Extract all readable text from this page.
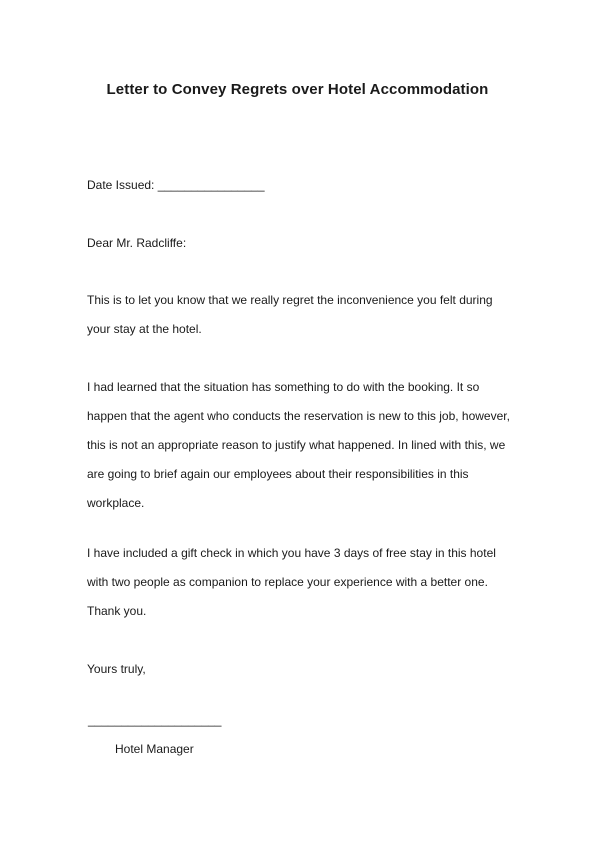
Letter to Convey Regrets over Hotel Accommodation
Date Issued: ________________
Dear Mr. Radcliffe:
This is to let you know that we really regret the inconvenience you felt during
your stay at the hotel.
I had learned that the situation has something to do with the booking. It so
happen that the agent who conducts the reservation is new to this job, however,
this is not an appropriate reason to justify what happened. In lined with this, we
are going to brief again our employees about their responsibilities in this
workplace.
I have included a gift check in which you have 3 days of free stay in this hotel
with two people as companion to replace your experience with a better one.
Thank you.
Yours truly,
____________________
Hotel Manager
